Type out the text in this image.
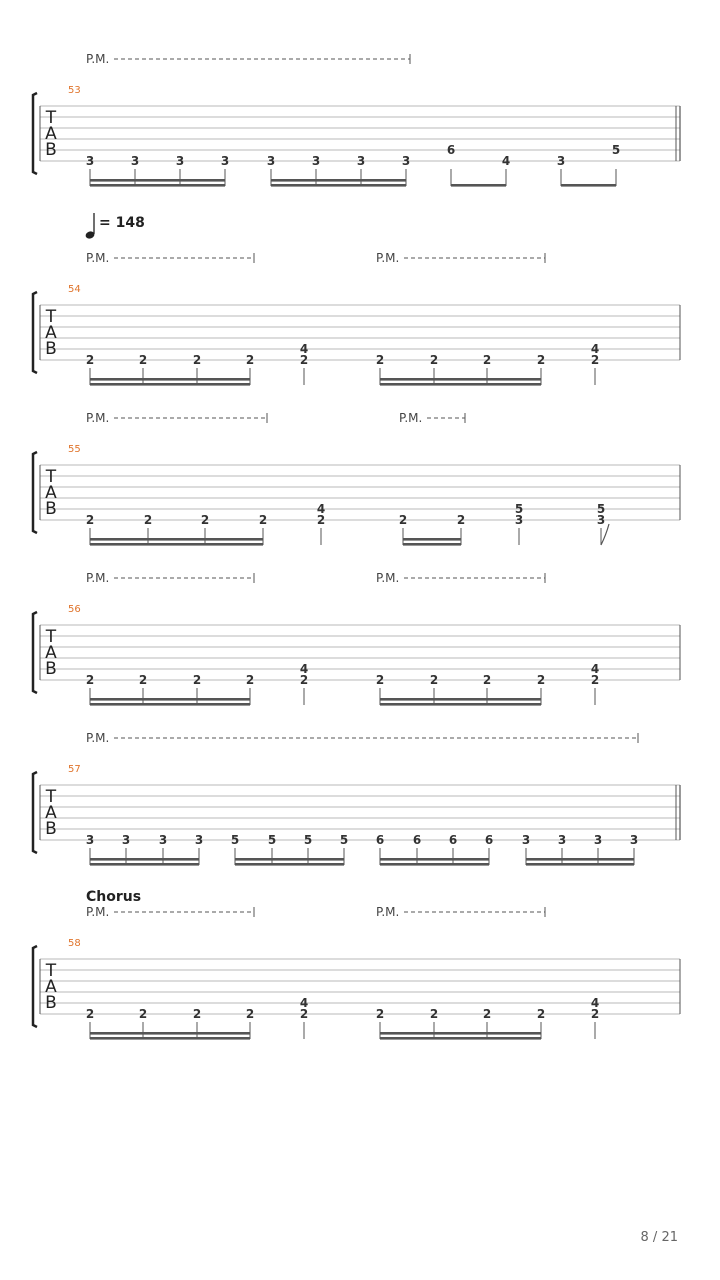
T
A
B
53
P.M.
3	3	3	3	3	3	3	3
6
4	3
5
T
A
B
54
P.M.	P.M.
= 148
2	2	2	2
4
2	2	2	2	2
4
2
T
A
B
55
P.M.	P.M.
2	2	2	2
4
2	2	2
5
3
5
3
T
A
B
56
P.M.	P.M.
2	2	2	2
4
2	2	2	2	2
4
2
T
A
B
57
P.M.
3 3 3 3 5 5 5 5 6 6 6 6 3 3 3 3
T
A
B
58
P.M.	P.M.
Chorus
2	2	2	2
4
2	2	2	2	2
4
2
8 / 21
